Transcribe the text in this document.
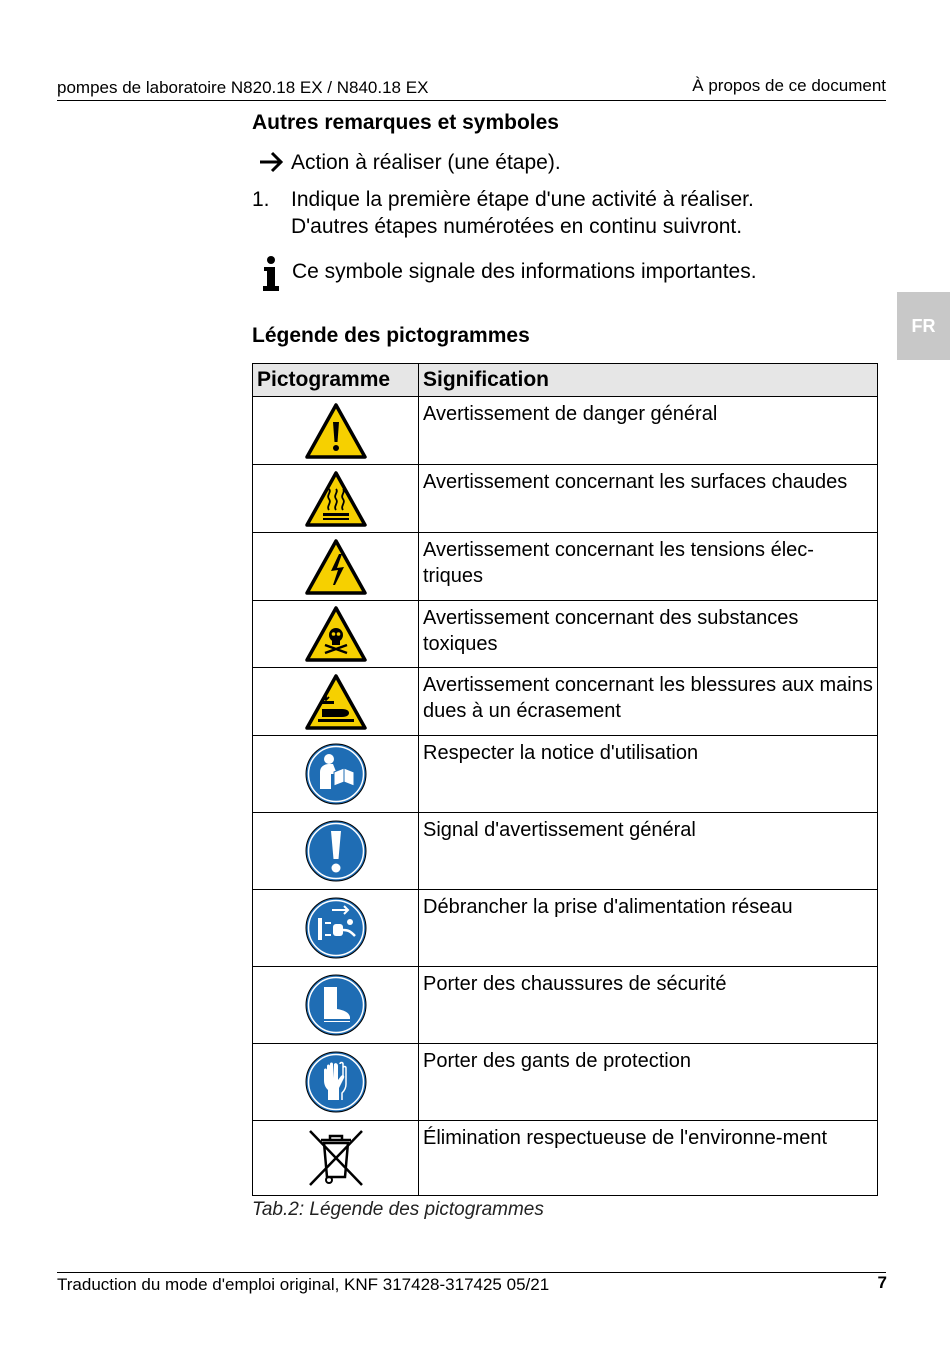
pompes de laboratoire N820.18 EX / N840.18 EX	À propos de ce document
FR
Autres remarques et symboles
Action à réaliser (une étape).
1. Indique la première étape d'une activité à réaliser.
D'autres étapes numérotées en continu suivront.
Ce symbole signale des informations importantes.
Légende des pictogrammes
Pictogramme	Signification

	Avertissement de danger général

	Avertissement concernant les surfaces chaudes

	Avertissement concernant les tensions élec-triques

	Avertissement concernant des substances toxiques

	Avertissement concernant les blessures aux mains dues à un écrasement

	Respecter la notice d'utilisation

	Signal d'avertissement général

	Débrancher la prise d'alimentation réseau

	Porter des chaussures de sécurité

	Porter des gants de protection

	Élimination respectueuse de l'environne-ment
Tab.2: Légende des pictogrammes
Traduction du mode d'emploi original, KNF 317428-317425 05/21	7
